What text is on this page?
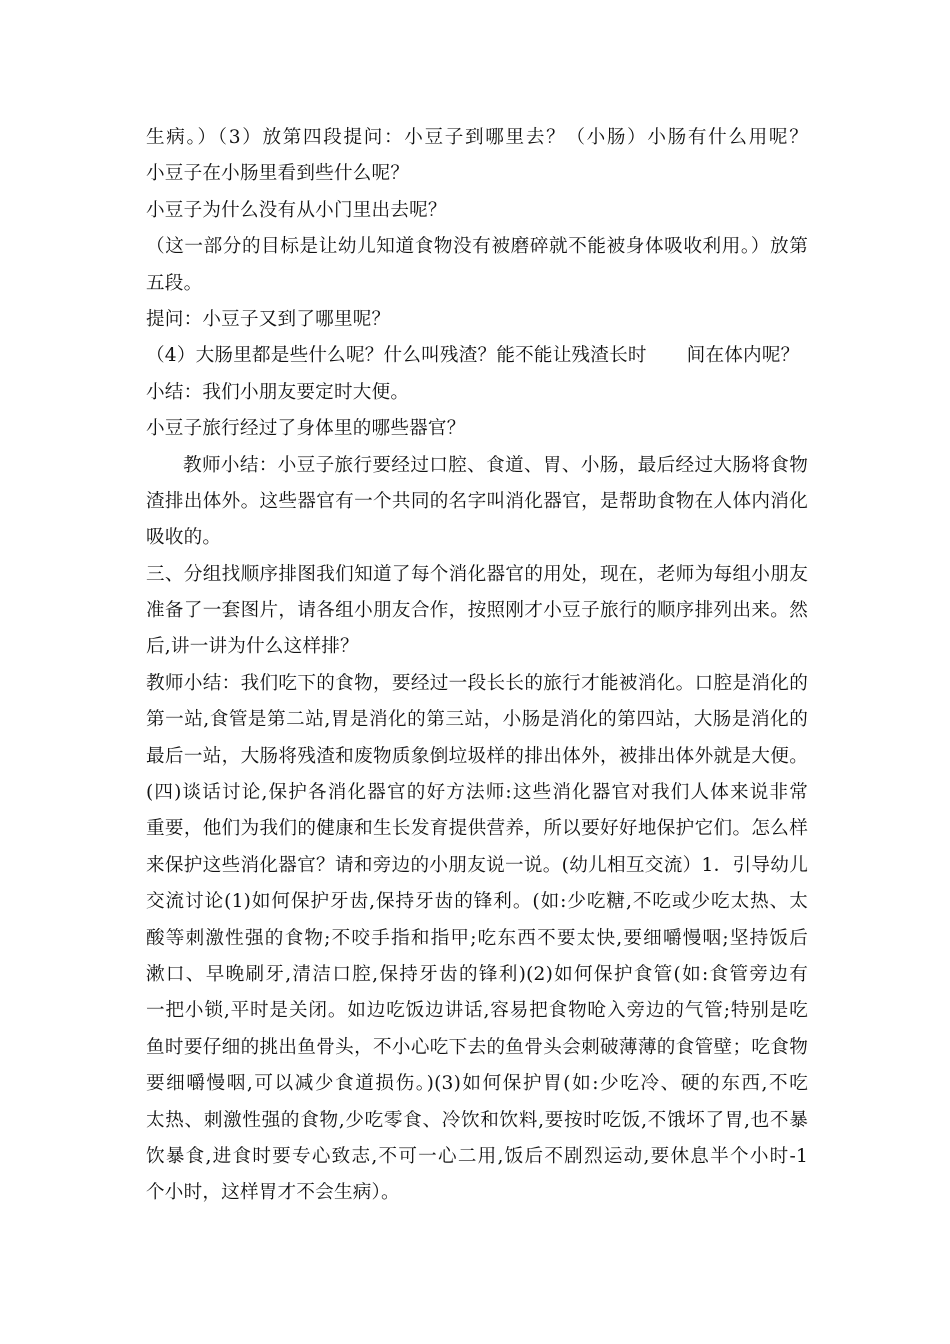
生病。）（3）放第四段提问：小豆子到哪里去？（小肠）小肠有什么用呢？
小豆子在小肠里看到些什么呢？
小豆子为什么没有从小门里出去呢？
（这一部分的目标是让幼儿知道食物没有被磨碎就不能被身体吸收利用。）放第
五段。
提问：小豆子又到了哪里呢？
（4）大肠里都是些什么呢？什么叫残渣？能不能让残渣长时 间在体内呢？
小结：我们小朋友要定时大便。
小豆子旅行经过了身体里的哪些器官？
教师小结：小豆子旅行要经过口腔、食道、胃、小肠，最后经过大肠将食物
渣排出体外。这些器官有一个共同的名字叫消化器官，是帮助食物在人体内消化
吸收的。
三、分组找顺序排图我们知道了每个消化器官的用处，现在，老师为每组小朋友
准备了一套图片，请各组小朋友合作，按照刚才小豆子旅行的顺序排列出来。然
后,讲一讲为什么这样排？
教师小结：我们吃下的食物，要经过一段长长的旅行才能被消化。口腔是消化的
第一站,食管是第二站,胃是消化的第三站，小肠是消化的第四站，大肠是消化的
最后一站，大肠将残渣和废物质象倒垃圾样的排出体外，被排出体外就是大便。
(四)谈话讨论,保护各消化器官的好方法师:这些消化器官对我们人体来说非常
重要，他们为我们的健康和生长发育提供营养，所以要好好地保护它们。怎么样
来保护这些消化器官？请和旁边的小朋友说一说。(幼儿相互交流）1．引导幼儿
交流讨论(1)如何保护牙齿,保持牙齿的锋利。(如:少吃糖,不吃或少吃太热、太
酸等刺激性强的食物;不咬手指和指甲;吃东西不要太快,要细嚼慢咽;坚持饭后
漱口、早晚刷牙,清洁口腔,保持牙齿的锋利)(2)如何保护食管(如:食管旁边有
一把小锁,平时是关闭。如边吃饭边讲话,容易把食物呛入旁边的气管;特别是吃
鱼时要仔细的挑出鱼骨头，不小心吃下去的鱼骨头会刺破薄薄的食管壁；吃食物
要细嚼慢咽,可以减少食道损伤。)(3)如何保护胃(如:少吃冷、硬的东西,不吃
太热、刺激性强的食物,少吃零食、冷饮和饮料,要按时吃饭,不饿坏了胃,也不暴
饮暴食,进食时要专心致志,不可一心二用,饭后不剧烈运动,要休息半个小时-1
个小时，这样胃才不会生病）。
